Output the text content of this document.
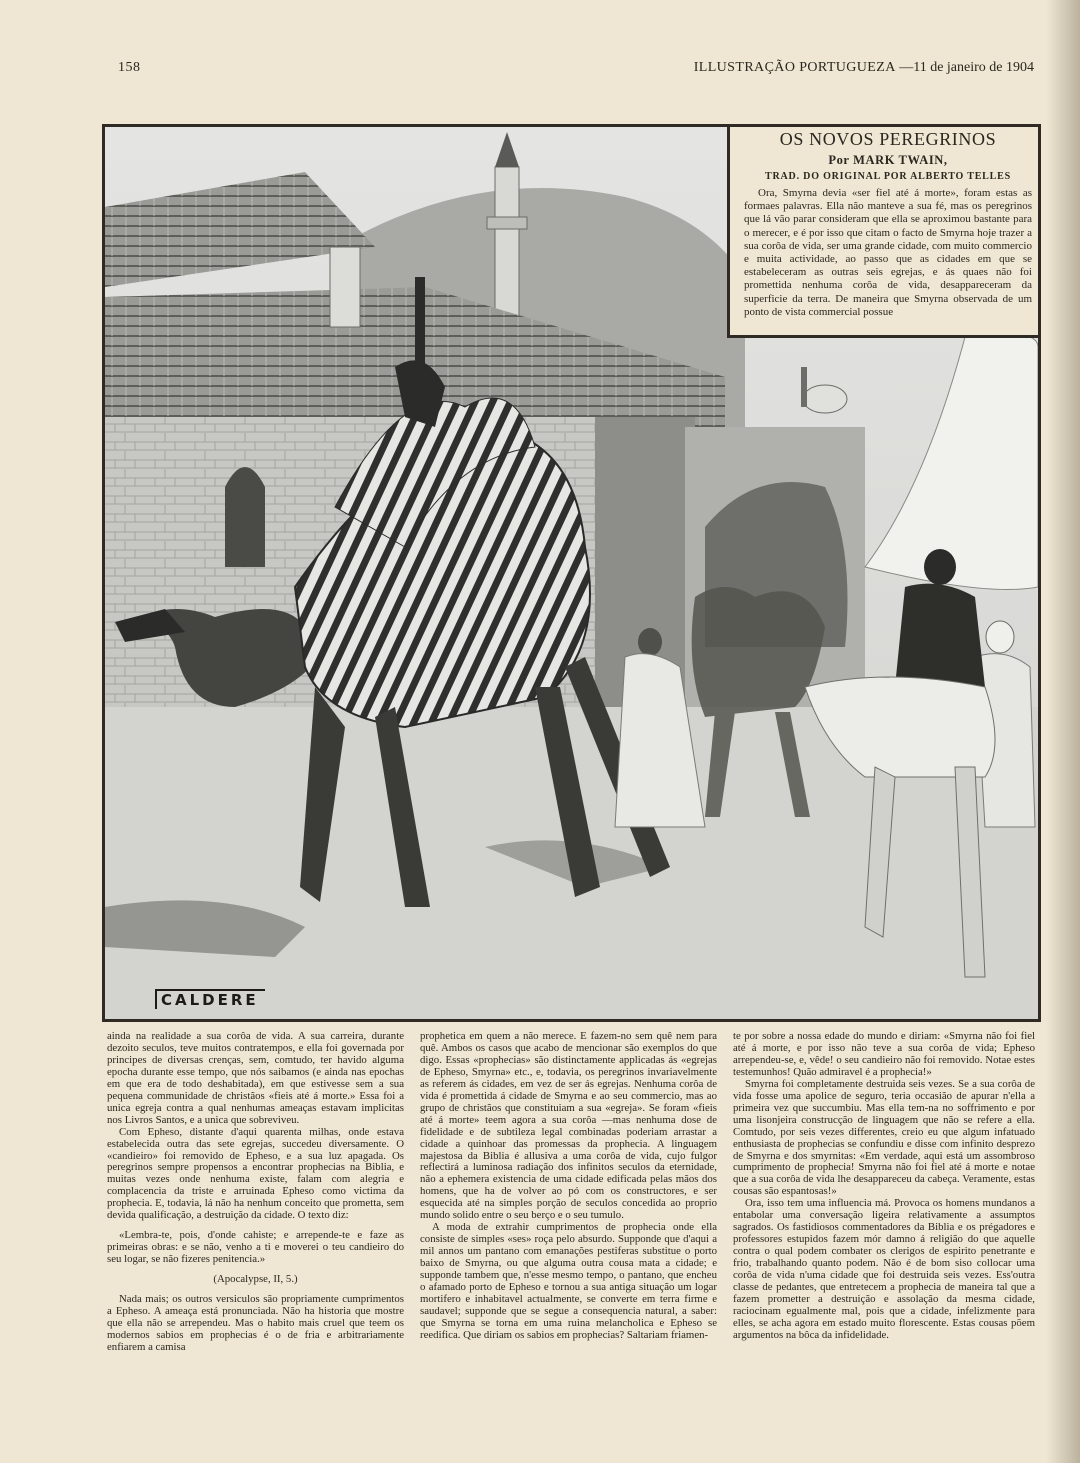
158	ILLUSTRAÇÃO PORTUGUEZA —11 de janeiro de 1904
CALDERE
OS NOVOS PEREGRINOS
Por MARK TWAIN,
TRAD. DO ORIGINAL POR ALBERTO TELLES

Ora, Smyrna devia «ser fiel até á morte», foram estas as formaes palavras. Ella não manteve a sua fé, mas os peregrinos que lá vão parar consideram que ella se aproximou bastante para o merecer, e é por isso que citam o facto de Smyrna hoje trazer a sua corôa de vida, ser uma grande cidade, com muito commercio e muita actividade, ao passo que as cidades em que se estabeleceram as outras seis egrejas, e ás quaes não foi promettida nenhuma corôa de vida, desappareceram da superficie da terra. De maneira que Smyrna observada de um ponto de vista commercial possue

ainda na realidade a sua corôa de vida. A sua carreira, durante dezoito seculos, teve muitos contratempos, e ella foi governada por principes de diversas crenças, sem, comtudo, ter havido alguma epocha durante esse tempo, que nós saibamos (e ainda nas epochas em que era de todo deshabitada), em que estivesse sem a sua pequena communidade de christãos «fieis até á morte.» Essa foi a unica egreja contra a qual nenhumas ameaças estavam implicitas nos Livros Santos, e a unica que sobreviveu.

Com Epheso, distante d'aqui quarenta milhas, onde estava estabelecida outra das sete egrejas, succedeu diversamente. O «candieiro» foi removido de Epheso, e a sua luz apagada. Os peregrinos sempre propensos a encontrar prophecias na Biblia, e muitas vezes onde nenhuma existe, falam com alegria e complacencia da triste e arruinada Epheso como victima da prophecia. E, todavia, lá não ha nenhum conceito que prometta, sem devida qualificação, a destruição da cidade. O texto diz:

«Lembra-te, pois, d'onde cahiste; e arrepende-te e faze as primeiras obras: e se não, venho a ti e moverei o teu candieiro do seu logar, se não fizeres penitencia.»

(Apocalypse, II, 5.)

Nada mais; os outros versiculos são propriamente cumprimentos a Epheso. A ameaça está pronunciada. Não ha historia que mostre que ella não se arrependeu. Mas o habito mais cruel que teem os modernos sabios em prophecias é o de fria e arbitrariamente enfiarem a camisa

prophetica em quem a não merece. E fazem-no sem quê nem para quê. Ambos os casos que acabo de mencionar são exemplos do que digo. Essas «prophecias» são distinctamente applicadas ás «egrejas de Epheso, Smyrna» etc., e, todavia, os peregrinos invariavelmente as referem ás cidades, em vez de ser ás egrejas. Nenhuma corôa de vida é promettida á cidade de Smyrna e ao seu commercio, mas ao grupo de christãos que constituiam a sua «egreja». Se foram «fieis até á morte» teem agora a sua corôa —mas nenhuma dose de fidelidade e de subtileza legal combinadas poderiam arrastar a cidade a quinhoar das promessas da prophecia. A linguagem majestosa da Biblia é allusiva a uma corôa de vida, cujo fulgor reflectirá a luminosa radiação dos infinitos seculos da eternidade, não a ephemera existencia de uma cidade edificada pelas mãos dos homens, que ha de volver ao pó com os constructores, e ser esquecida até na simples porção de seculos concedida ao proprio mundo solido entre o seu berço e o seu tumulo.

A moda de extrahir cumprimentos de prophecia onde ella consiste de simples «ses» roça pelo absurdo. Supponde que d'aqui a mil annos um pantano com emanações pestiferas substitue o porto baixo de Smyrna, ou que alguma outra cousa mata a cidade; e supponde tambem que, n'esse mesmo tempo, o pantano, que encheu o afamado porto de Epheso e tornou a sua antiga situação um logar mortifero e inhabitavel actualmente, se converte em terra firme e saudavel; supponde que se segue a consequencia natural, a saber: que Smyrna se torna em uma ruina melancholica e Epheso se reedifica. Que diriam os sabios em prophecias? Saltariam friamen-

te por sobre a nossa edade do mundo e diriam: «Smyrna não foi fiel até á morte, e por isso não teve a sua corôa de vida; Epheso arrependeu-se, e, vêde! o seu candieiro não foi removido. Notae estes testemunhos! Quão admiravel é a prophecia!»

Smyrna foi completamente destruida seis vezes. Se a sua corôa de vida fosse uma apolice de seguro, teria occasião de apurar n'ella a primeira vez que succumbiu. Mas ella tem-na no soffrimento e por uma lisonjeira construcção de linguagem que não se refere a ella. Comtudo, por seis vezes differentes, creio eu que algum infatuado enthusiasta de prophecias se confundiu e disse com infinito desprezo de Smyrna e dos smyrnitas: «Em verdade, aqui está um assombroso cumprimento de prophecia! Smyrna não foi fiel até á morte e notae que a sua corôa de vida lhe desappareceu da cabeça. Veramente, estas cousas são espantosas!»

Ora, isso tem uma influencia má. Provoca os homens mundanos a entabolar uma conversação ligeira relativamente a assumptos sagrados. Os fastidiosos commentadores da Biblia e os prégadores e professores estupidos fazem mór damno á religião do que aquelle contra o qual podem combater os clerigos de espirito penetrante e frio, trabalhando quanto podem. Não é de bom siso collocar uma corôa de vida n'uma cidade que foi destruida seis vezes. Ess'outra classe de pedantes, que entretecem a prophecia de maneira tal que a fazem prometter a destruição e assolação da mesma cidade, raciocinam egualmente mal, pois que a cidade, infelizmente para elles, se acha agora em estado muito florescente. Estas cousas põem argumentos na bôca da infidelidade.
